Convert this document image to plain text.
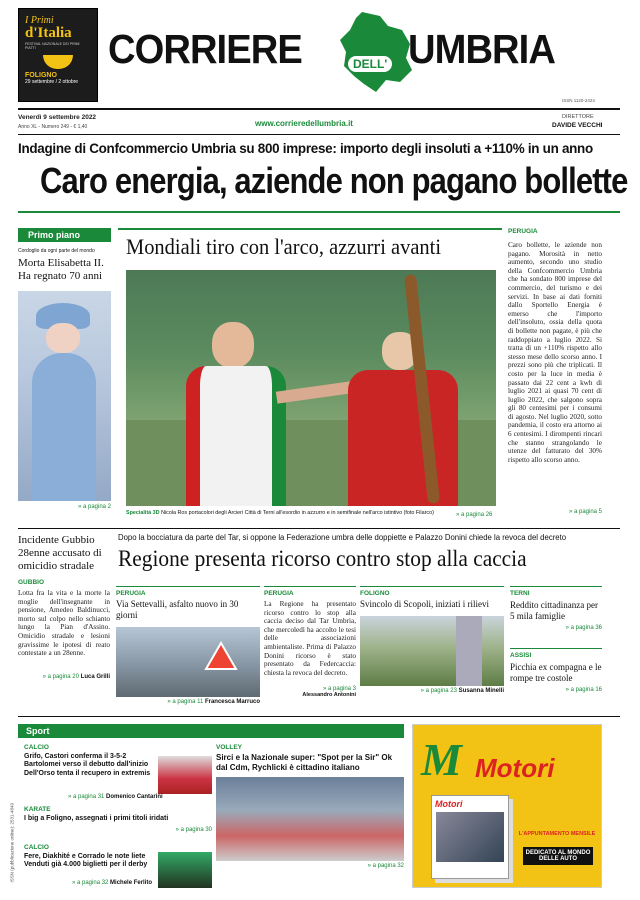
I Primi
d'Italia
FESTIVAL NAZIONALE DEI PRIMI PIATTI
FOLIGNO
29 settembre / 2 ottobre
CORRIERE	DELL' UMBRIA
ISSN 1120-2424
Venerdì 9 settembre 2022
Anno XL - Numero 249 - € 1,40	www.corrieredellumbria.it
DIRETTORE
DAVIDE VECCHI
Indagine di Confcommercio Umbria su 800 imprese: importo degli insoluti a +110% in un anno
Caro energia, aziende non pagano bollette
Primo piano
Cordoglio da ogni parte del mondo
Morta Elisabetta II. Ha regnato 70 anni
» a pagina 2
Mondiali tiro con l'arco, azzurri avanti
Specialità 3D Nicola Ros portacolori degli Arcieri Città di Terni all'esordio in azzurro e in semifinale nell'arco istintivo (foto Filarco)	» a pagina 26
PERUGIA
Caro bollette, le aziende non pagano. Morosità in netto aumento, secondo uno studio della Confcommercio Umbria che ha sondato 800 imprese del commercio, del turismo e dei servizi. In base ai dati forniti dallo Sportello Energia è emerso che l'importo dell'insoluto, ossia della quota di bollette non pagate, è più che raddoppiato a luglio 2022. Si tratta di un +110% rispetto allo stesso mese dello scorso anno. I prezzi sono più che triplicati. Il costo per la luce in media è passato dai 22 cent a kwh di luglio 2021 ai quasi 70 cent di luglio 2022, che salgono sopra gli 80 centesimi per i consumi di agosto. Nel luglio 2020, sotto pandemia, il costo era attorno ai 6 centesimi. I dirompenti rincari che stanno strangolando le utenze del fatturato del 30% rispetto allo scorso anno.
» a pagina 5
Incidente Gubbio 28enne accusato di omicidio stradale
GUBBIO
Lotta fra la vita e la morte la moglie dell'insegnante in pensione, Amedeo Baldinucci, morto sul colpo nello schianto lungo la Pian d'Assino. Omicidio stradale e lesioni gravissime le ipotesi di reato contestate a un 28enne.
» a pagina 20 Luca Grilli
Dopo la bocciatura da parte del Tar, si oppone la Federazione umbra delle doppiette e Palazzo Donini chiede la revoca del decreto
Regione presenta ricorso contro stop alla caccia
PERUGIA
Via Settevalli, asfalto nuovo in 30 giorni
» a pagina 11 Francesca Marruco
PERUGIA
La Regione ha presentato ricorso contro lo stop alla caccia deciso dal Tar Umbria, che mercoledì ha accolto le tesi delle associazioni ambientaliste. Prima di Palazzo Donini ricorso è stato presentato da Federcaccia: chiesta la revoca del decreto.
» a pagina 3
Alessandro Antonini
FOLIGNO
Svincolo di Scopoli, iniziati i rilievi
» a pagina 23 Susanna Minelli
TERNI
Reddito cittadinanza per 5 mila famiglie
» a pagina 36
ASSISI
Picchia ex compagna e le rompe tre costole
» a pagina 16
ISSN (pubblicazione online): 2531-4849
Sport
CALCIO
Grifo, Castori conferma il 3-5-2 Bartolomei verso il debutto dall'inizio Dell'Orso tenta il recupero in extremis
» a pagina 31 Domenico Cantarini
KARATE
I big a Foligno, assegnati i primi titoli iridati
» a pagina 30
CALCIO
Fere, Diakhité e Corrado le note liete Venduti già 4.000 biglietti per il derby
» a pagina 32 Michele Ferlito
VOLLEY
Sirci e la Nazionale super: "Spot per la Sir" Ok dal Cdm, Rychlicki è cittadino italiano
» a pagina 32
M Motori
Motori
L'APPUNTAMENTO MENSILE
DEDICATO AL MONDO DELLE AUTO
